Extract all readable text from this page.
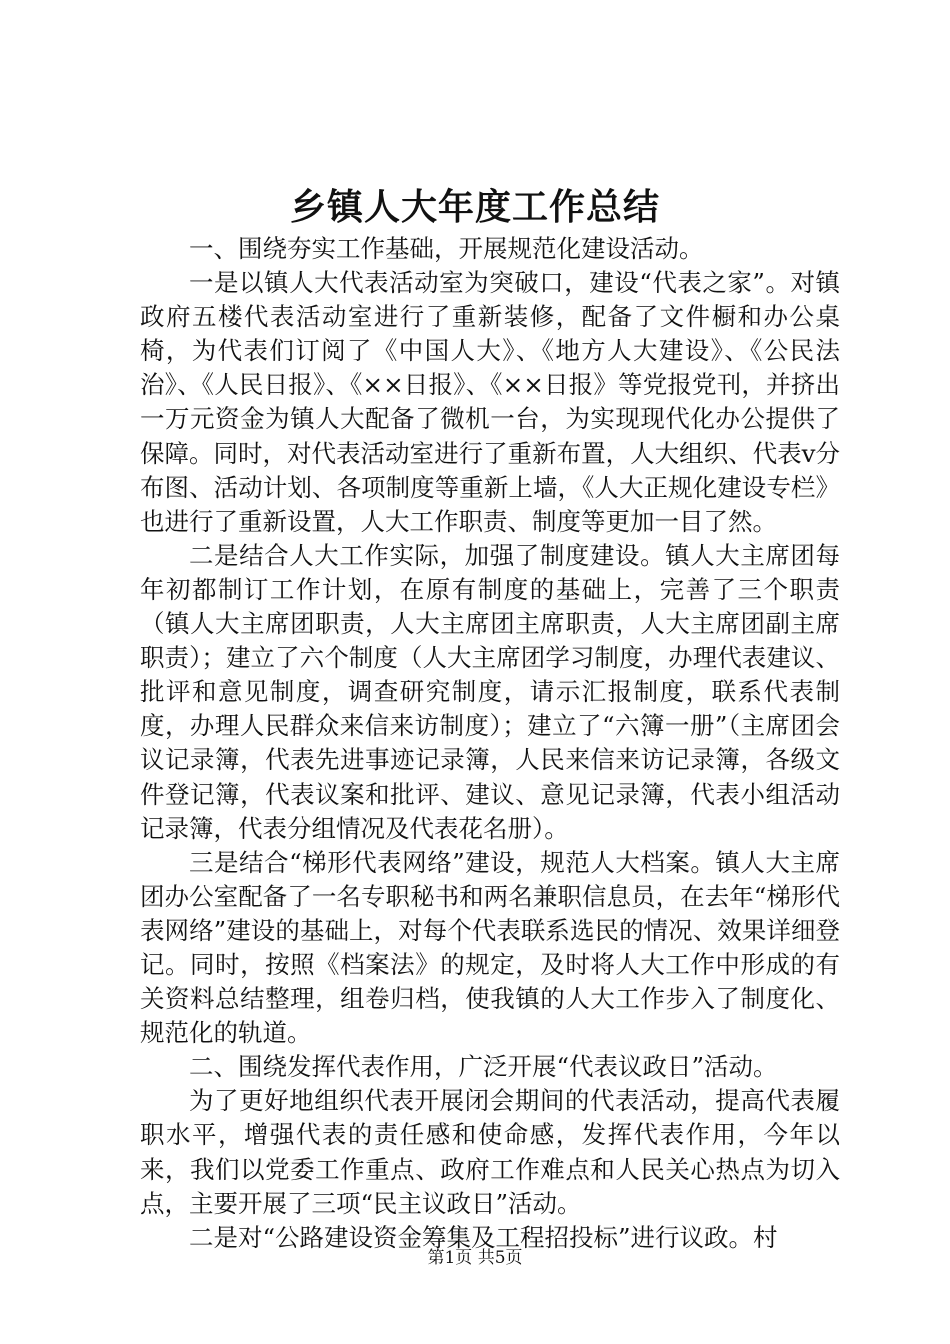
乡镇人大年度工作总结

一、围绕夯实工作基础，开展规范化建设活动。

一是以镇人大代表活动室为突破口，建设“代表之家”。对镇政府五楼代表活动室进行了重新装修，配备了文件橱和办公桌椅，为代表们订阅了《中国人大》、《地方人大建设》、《公民法治》、《人民日报》、《××日报》、《××日报》等党报党刊，并挤出一万元资金为镇人大配备了微机一台，为实现现代化办公提供了保障。同时，对代表活动室进行了重新布置，人大组织、代表v分布图、活动计划、各项制度等重新上墙，《人大正规化建设专栏》也进行了重新设置，人大工作职责、制度等更加一目了然。

二是结合人大工作实际，加强了制度建设。镇人大主席团每年初都制订工作计划，在原有制度的基础上，完善了三个职责（镇人大主席团职责，人大主席团主席职责，人大主席团副主席职责）；建立了六个制度（人大主席团学习制度，办理代表建议、批评和意见制度，调查研究制度，请示汇报制度，联系代表制度，办理人民群众来信来访制度）；建立了“六簿一册”（主席团会议记录簿，代表先进事迹记录簿，人民来信来访记录簿，各级文件登记簿，代表议案和批评、建议、意见记录簿，代表小组活动记录簿，代表分组情况及代表花名册）。

三是结合“梯形代表网络”建设，规范人大档案。镇人大主席团办公室配备了一名专职秘书和两名兼职信息员，在去年“梯形代表网络”建设的基础上，对每个代表联系选民的情况、效果详细登记。同时，按照《档案法》的规定，及时将人大工作中形成的有关资料总结整理，组卷归档，使我镇的人大工作步入了制度化、规范化的轨道。

二、围绕发挥代表作用，广泛开展“代表议政日”活动。

为了更好地组织代表开展闭会期间的代表活动，提高代表履职水平，增强代表的责任感和使命感，发挥代表作用，今年以来，我们以党委工作重点、政府工作难点和人民关心热点为切入点，主要开展了三项“民主议政日”活动。

二是对“公路建设资金筹集及工程招投标”进行议政。村

第1页 共5页
